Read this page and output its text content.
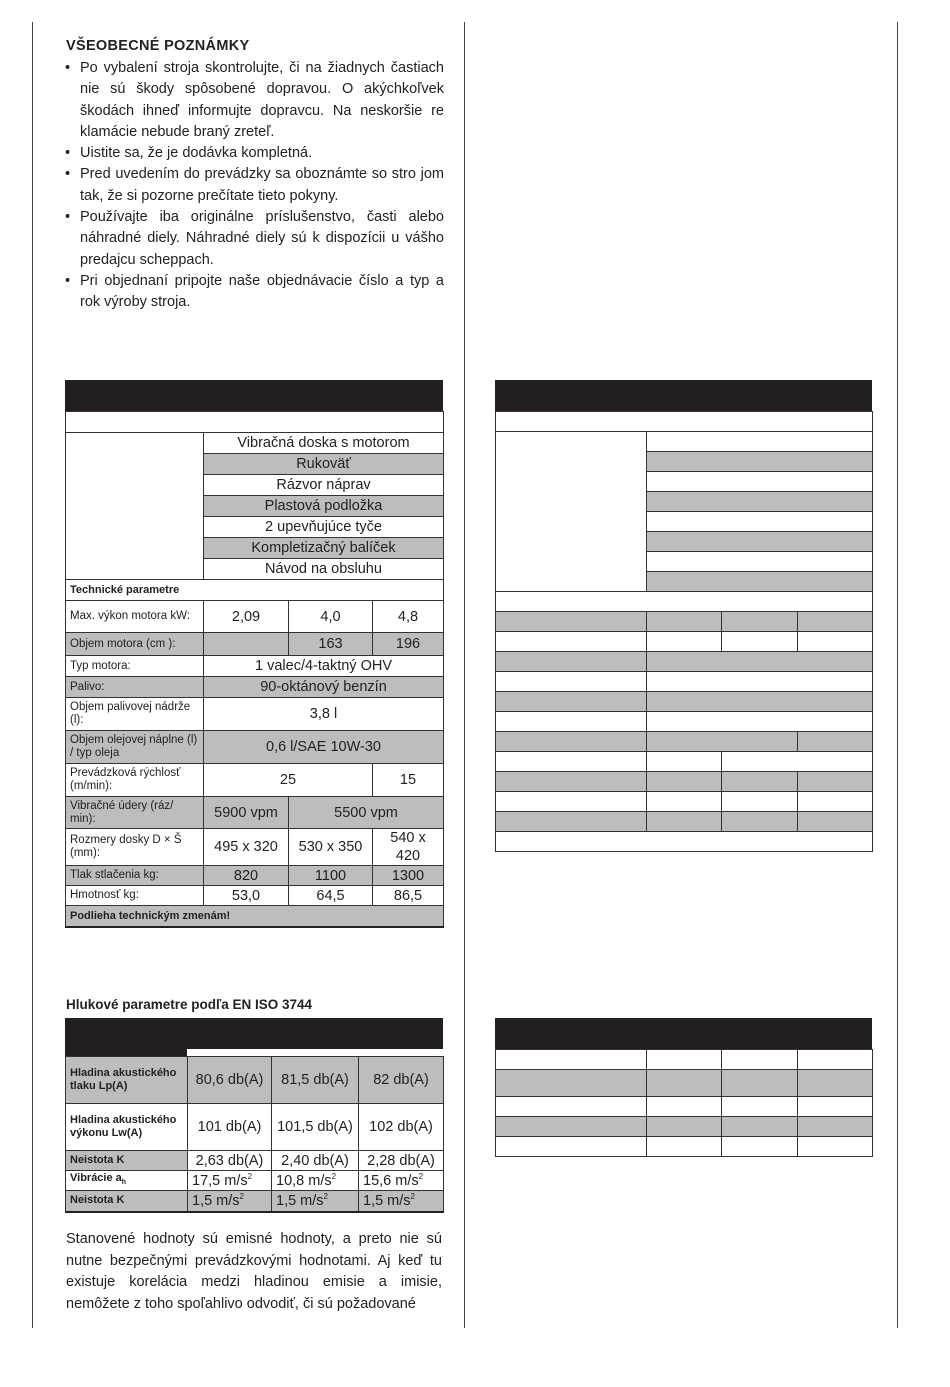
VŠEOBECNÉ POZNÁMKY
• Po vybalení stroja skontrolujte, či na žiadnych častiach nie sú škody spôsobené dopravou. O akýchkoľvek škodách ihneď informujte dopravcu. Na neskoršie re klamácie nebude braný zreteľ.
• Uistite sa, že je dodávka kompletná.
• Pred uvedením do prevádzky sa oboznámte so stro jom tak, že si pozorne prečítate tieto pokyny.
• Používajte iba originálne príslušenstvo, časti alebo náhradné diely. Náhradné diely sú k dispozícii u vášho predajcu scheppach.
• Pri objednaní pripojte naše objednávacie číslo a typ a rok výroby stroja.

	Vibračná doska s motorom		
	Rukoväť		
	Rázvor náprav		
	Plastová podložka		
	2 upevňujúce tyče		
	Kompletizačný balíček		
	Návod na obsluhu		
Technické parametre			
Max. výkon motora kW:	2,09	4,0	4,8
Objem motora (cm ):		163	196
Typ motora:	1 valec/4-taktný OHV		
Palivo:	90-oktánový benzín		
Objem palivovej nádrže (l):	3,8 l		
Objem olejovej náplne (l) / typ oleja	0,6 l/SAE 10W-30		
Prevádzková rýchlosť (m/min):	25		15
Vibračné údery (ráz/ min):	5900 vpm	5500 vpm	
Rozmery dosky D × Š (mm):	495 x 320	530 x 350	540 x 420
Tlak stlačenia kg:	820	1100	1300
Hmotnosť kg:	53,0	64,5	86,5
Podlieha technickým zmenám!			
Hlukové parametre podľa EN ISO 3744
Hladina akustického tlaku Lp(A)	80,6 db(A)	81,5 db(A)	82 db(A)
Hladina akustického výkonu Lw(A)	101 db(A)	101,5 db(A)	102 db(A)
Neistota K	2,63 db(A)	2,40 db(A)	2,28 db(A)
Vibrácie $a_h$	17,5 $m/s^2$	10,8 $m/s^2$	15,6 $m/s^2$
Neistota K	1,5 $m/s^2$	1,5 $m/s^2$	1,5 $m/s^2$

Stanovené hodnoty sú emisné hodnoty, a preto nie sú nutne bezpečnými prevádzkovými hodnotami. Aj keď tu existuje korelácia medzi hladinou emisie a imisie, nemôžete z toho spoľahlivo odvodiť, či sú požadované
